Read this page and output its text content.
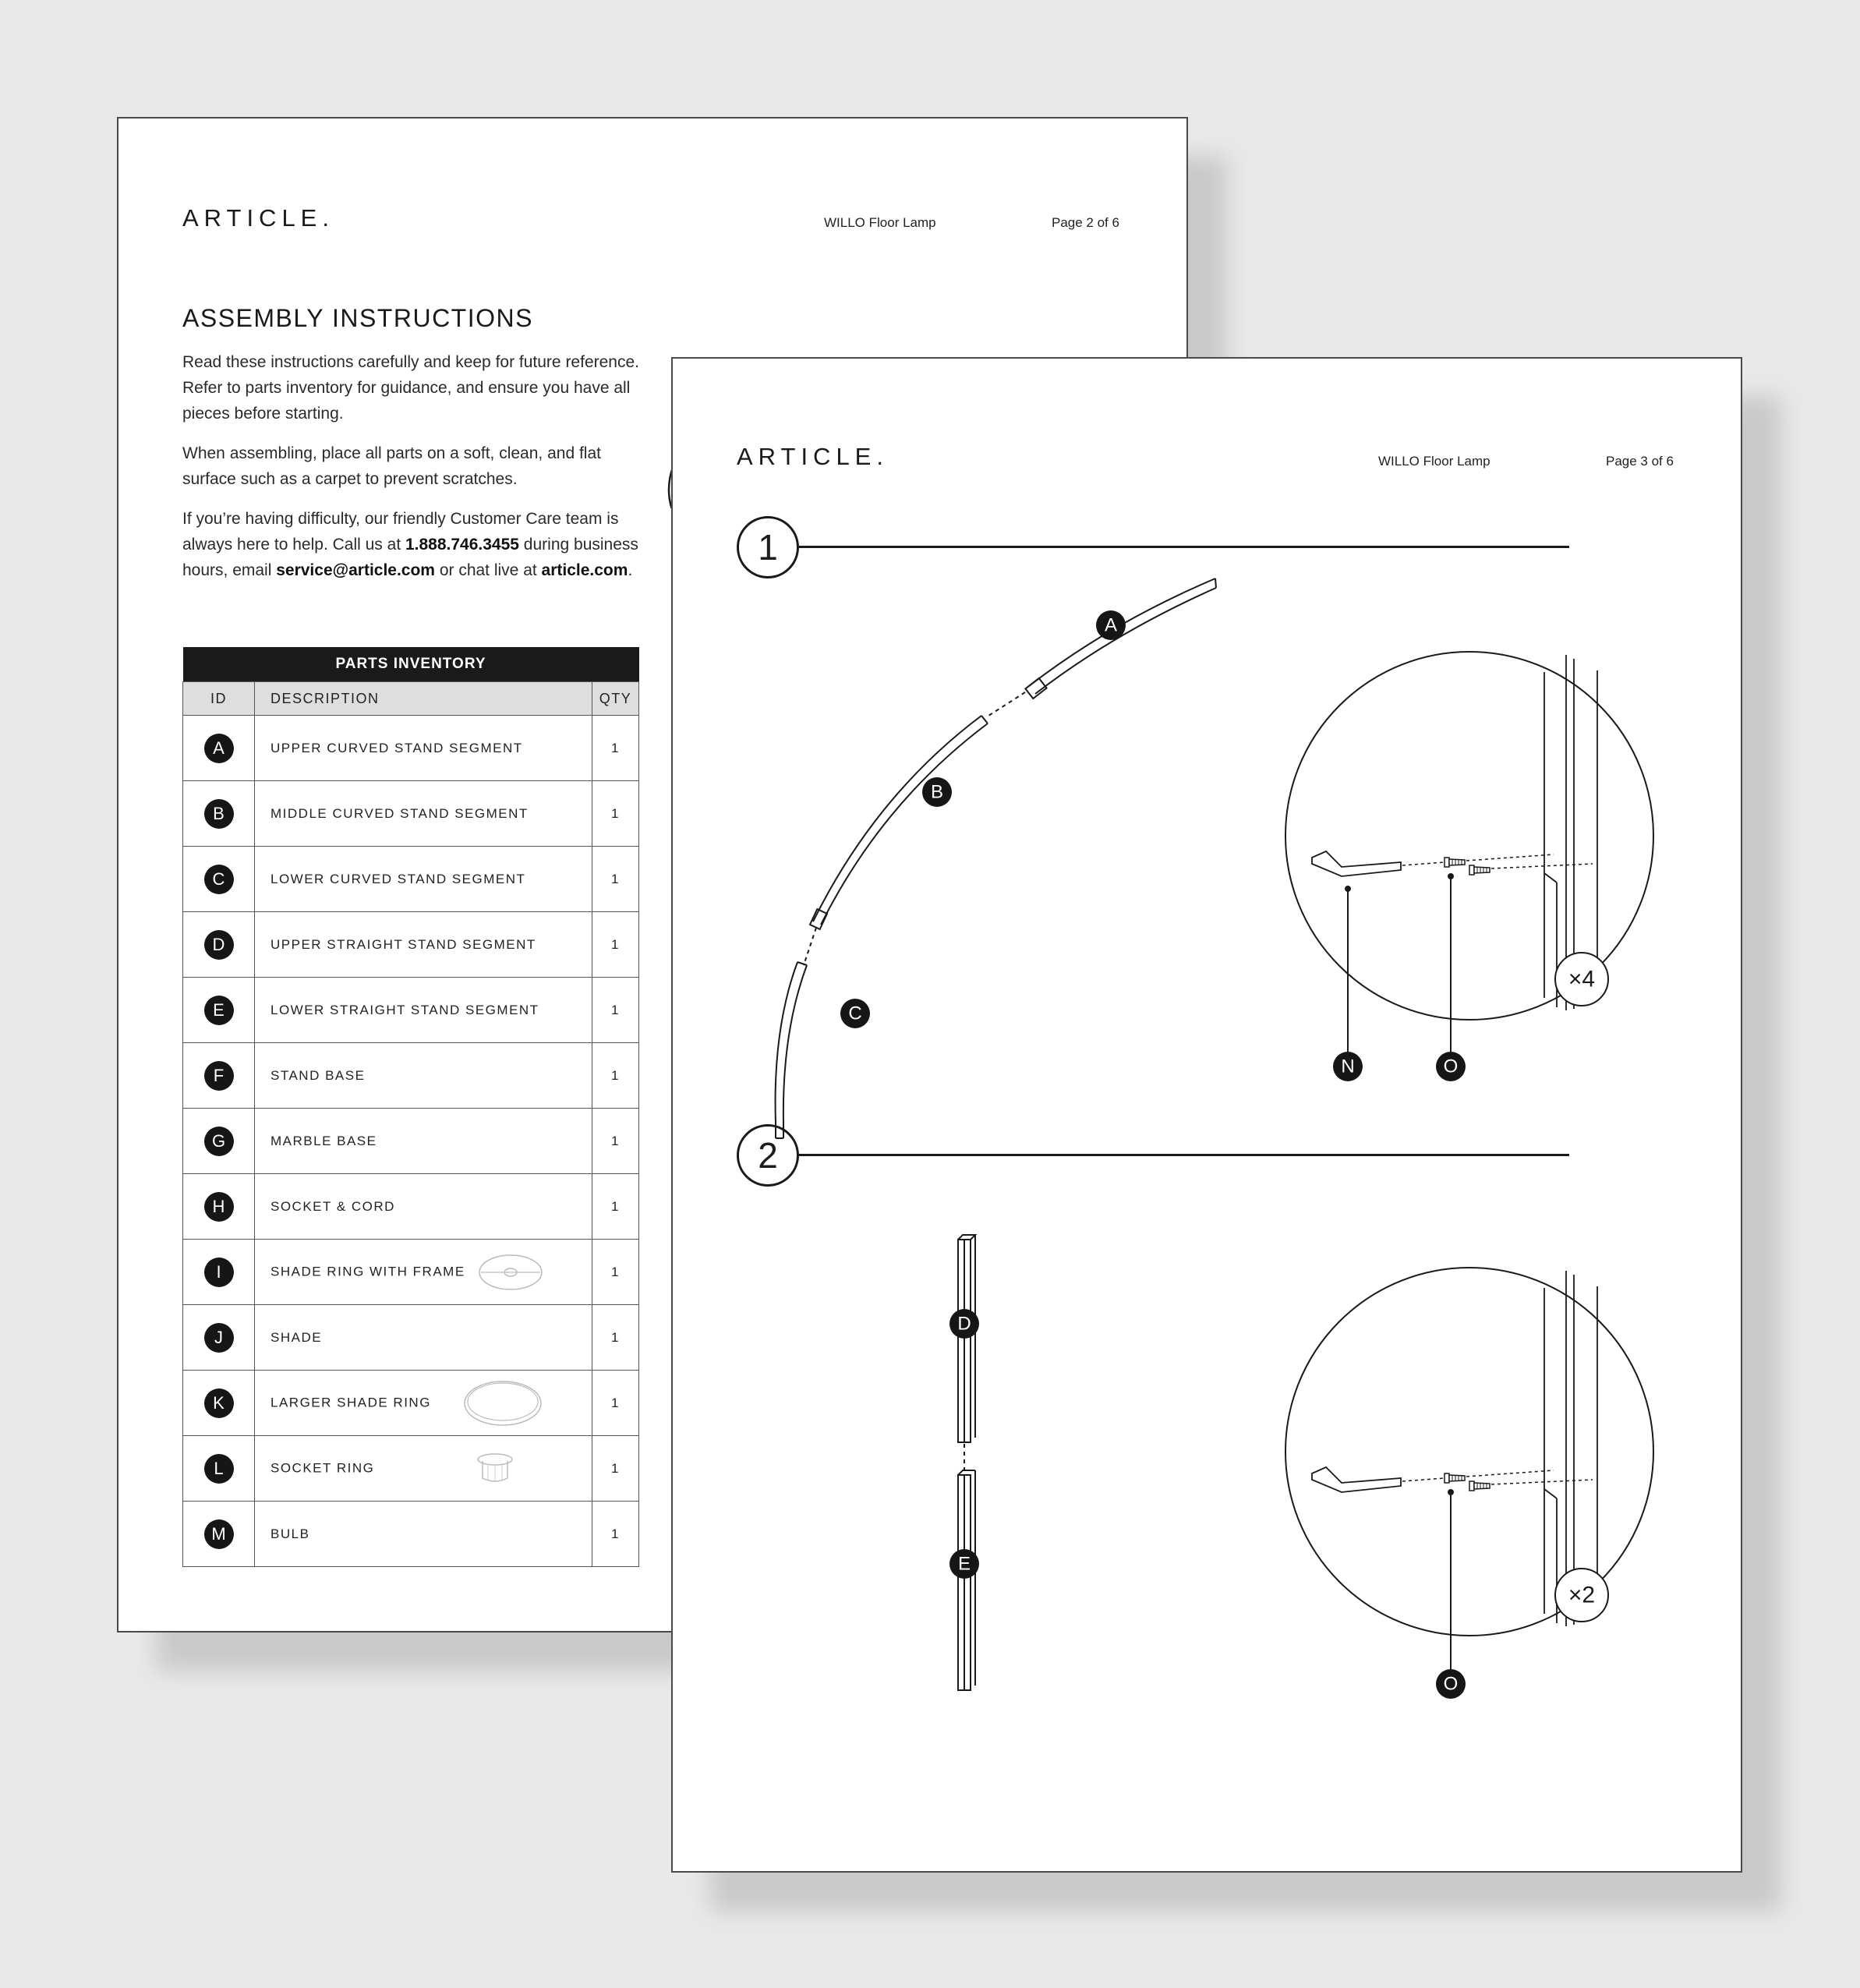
ARTICLE.	WILLO Floor Lamp	Page 2 of 6
ASSEMBLY INSTRUCTIONS

Read these instructions carefully and keep for future reference. Refer to parts inventory for guidance, and ensure you have all pieces before starting.

When assembling, place all parts on a soft, clean, and flat surface such as a carpet to prevent scratches.

If you’re having difficulty, our friendly Customer Care team is always here to help. Call us at 1.888.746.3455 during business hours, email service@article.com or chat live at article.com.

PARTS INVENTORY		
ID	DESCRIPTION	QTY
A	UPPER CURVED STAND SEGMENT	1
B	MIDDLE CURVED STAND SEGMENT	1
C	LOWER CURVED STAND SEGMENT	1
D	UPPER STRAIGHT STAND SEGMENT	1
E	LOWER STRAIGHT STAND SEGMENT	1
F	STAND BASE	1
G	MARBLE BASE	1
H	SOCKET & CORD	1
I	SHADE RING WITH FRAME	1
J	SHADE	1
K	LARGER SHADE RING	1
L	SOCKET RING	1
M	BULB	1
ARTICLE.	WILLO Floor Lamp	Page 3 of 6
1
2
A
B
C
×4
N	O
D
E
×2
O
